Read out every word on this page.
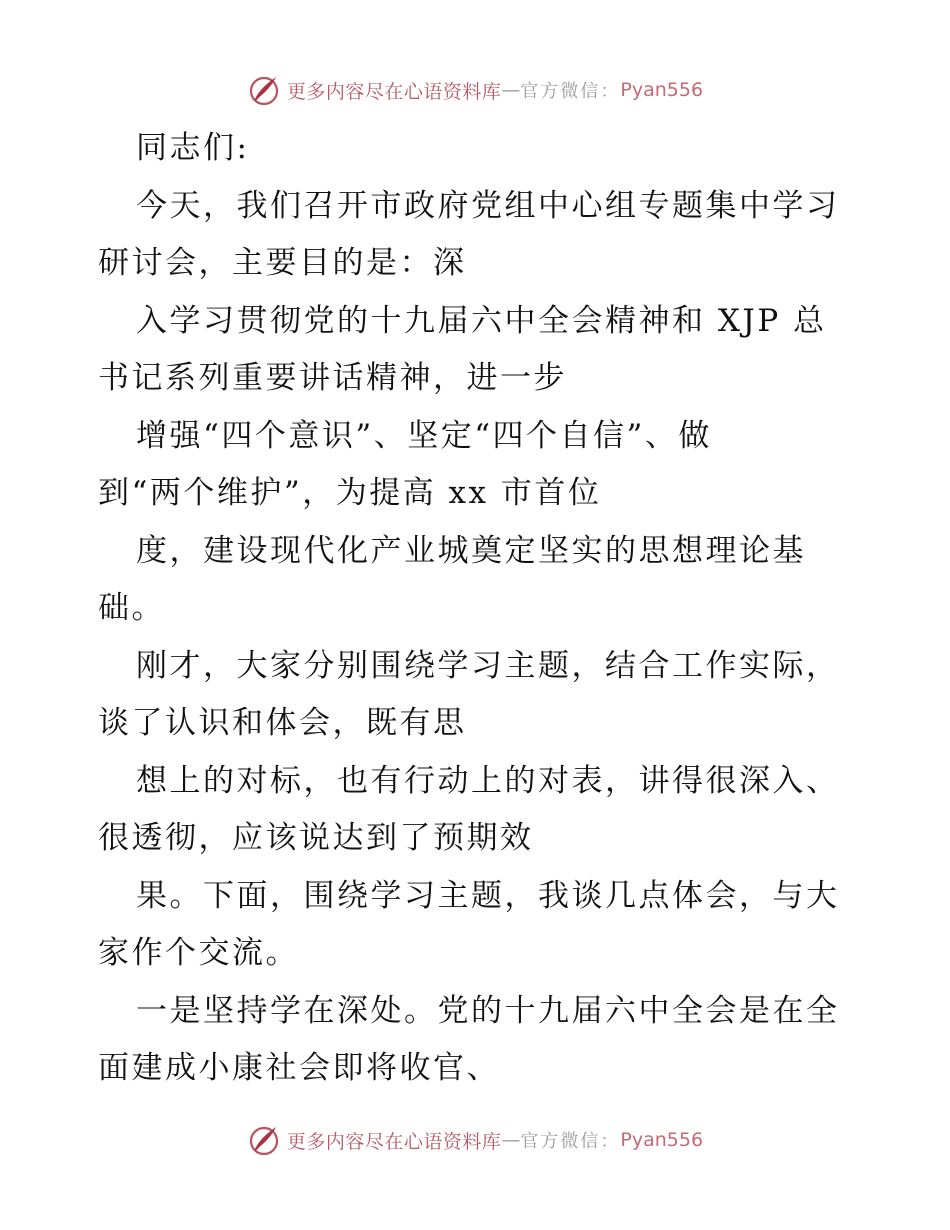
更多内容尽在心语资料库 — 官方微信： Pyan556
同志们:
今天，我们召开市政府党组中心组专题集中学习
研讨会，主要目的是：深
入学习贯彻党的十九届六中全会精神和 XJP 总
书记系列重要讲话精神，进一步
增强“四个意识”、坚定“四个自信”、做
到“两个维护”，为提高 xx 市首位
度，建设现代化产业城奠定坚实的思想理论基
础。
刚才，大家分别围绕学习主题，结合工作实际，
谈了认识和体会，既有思
想上的对标，也有行动上的对表，讲得很深入、
很透彻，应该说达到了预期效
果。下面，围绕学习主题，我谈几点体会，与大
家作个交流。
一是坚持学在深处。党的十九届六中全会是在全
面建成小康社会即将收官、
更多内容尽在心语资料库 — 官方微信： Pyan556
